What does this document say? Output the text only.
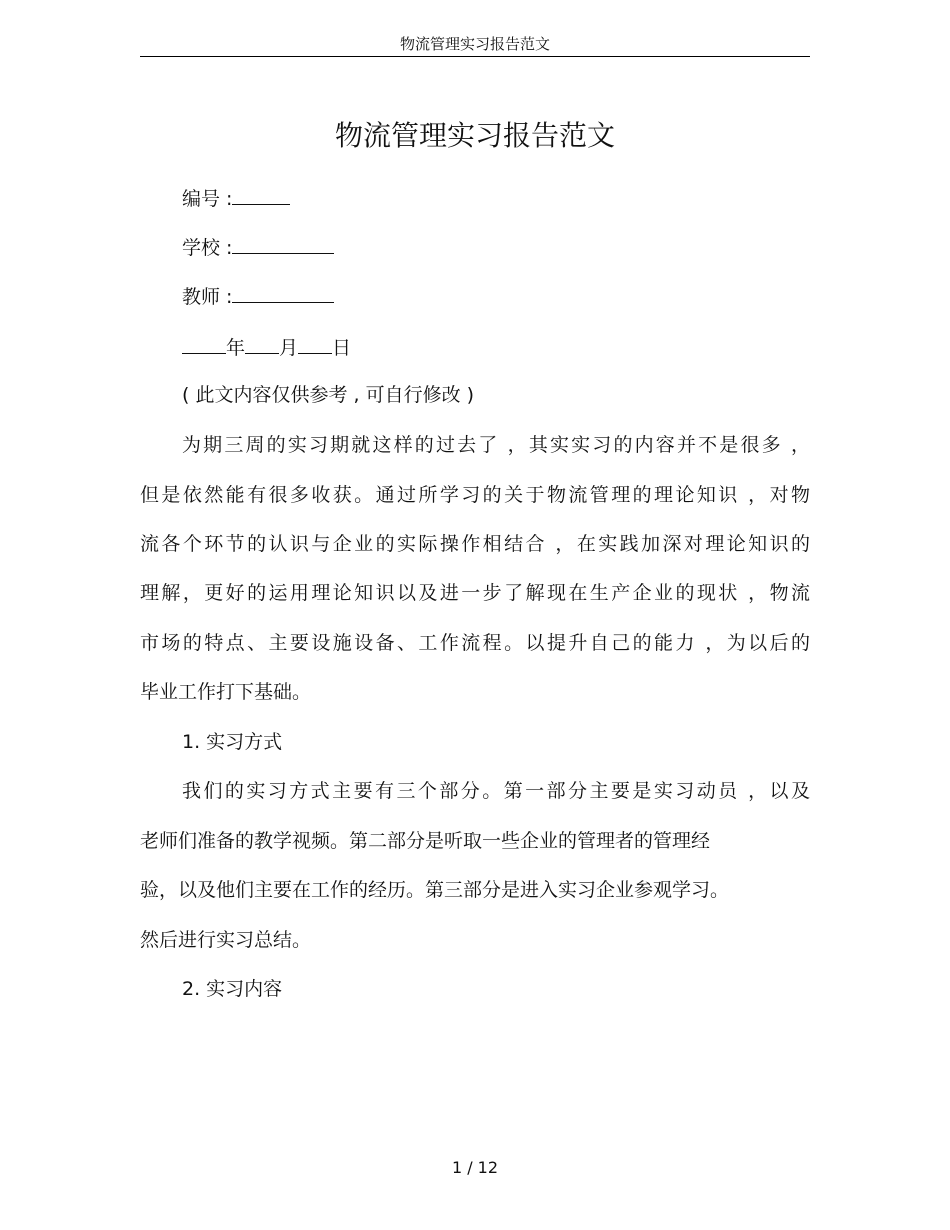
物流管理实习报告范文
物流管理实习报告范文
编号 :
学校 :
教师 :
年 月 日
( 此文内容仅供参考 , 可自行修改 )
为期三周的实习期就这样的过去了 ，其实实习的内容并不是很多 ，
但是依然能有很多收获。通过所学习的关于物流管理的理论知识 ，对物
流各个环节的认识与企业的实际操作相结合 ，在实践加深对理论知识的
理解，更好的运用理论知识以及进一步了解现在生产企业的现状 ，物流
市场的特点、主要设施设备、工作流程。以提升自己的能力 ，为以后的
毕业工作打下基础。
1. 实习方式
我们的实习方式主要有三个部分。第一部分主要是实习动员 ，以及
老师们准备的教学视频。第二部分是听取一些企业的管理者的管理经
验，以及他们主要在工作的经历。第三部分是进入实习企业参观学习。
然后进行实习总结。
2. 实习内容
1 / 12
